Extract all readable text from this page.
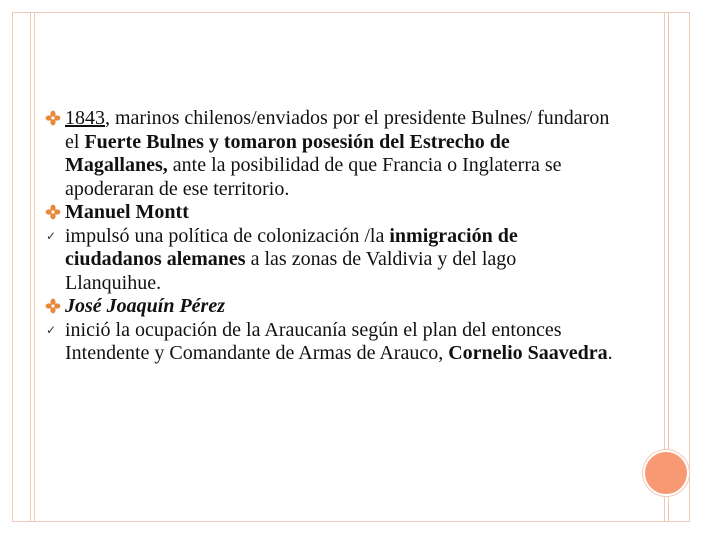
1843, marinos chilenos/enviados por el presidente Bulnes/ fundaron el Fuerte Bulnes y tomaron posesión del Estrecho de Magallanes, ante la posibilidad de que Francia o Inglaterra se apoderaran de ese territorio.
Manuel Montt
✓ impulsó una política de colonización /la inmigración de ciudadanos alemanes a las zonas de Valdivia y del lago Llanquihue.
José Joaquín Pérez
✓ inició la ocupación de la Araucanía según el plan del entonces Intendente y Comandante de Armas de Arauco, Cornelio Saavedra.
